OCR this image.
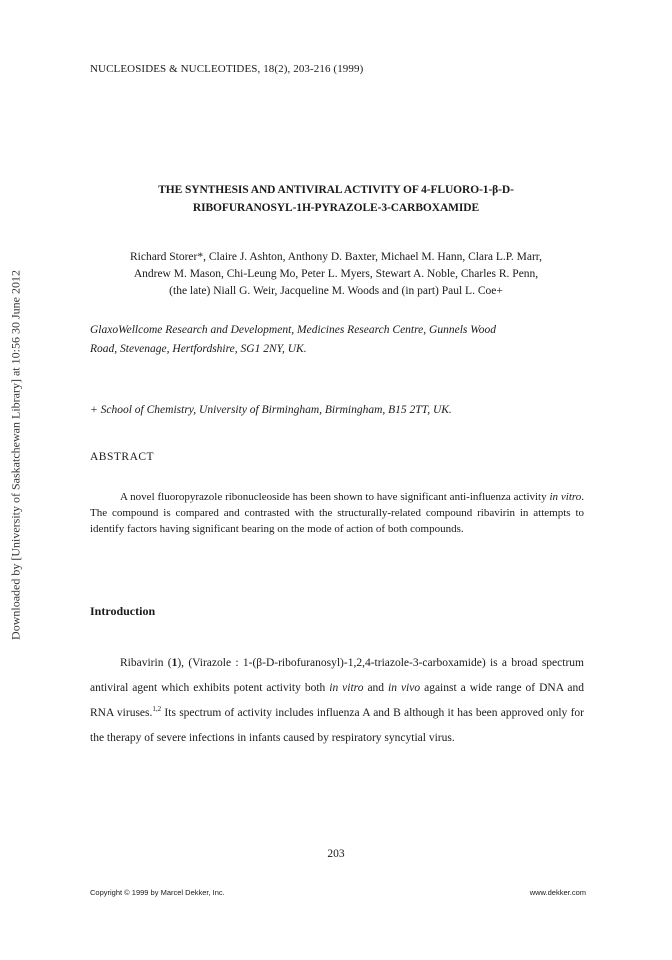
Downloaded by [University of Saskatchewan Library] at 10:56 30 June 2012
NUCLEOSIDES & NUCLEOTIDES, 18(2), 203-216 (1999)
THE SYNTHESIS AND ANTIVIRAL ACTIVITY OF 4-FLUORO-1-β-D-
RIBOFURANOSYL-1H-PYRAZOLE-3-CARBOXAMIDE
Richard Storer*, Claire J. Ashton, Anthony D. Baxter, Michael M. Hann, Clara L.P. Marr,
Andrew M. Mason, Chi-Leung Mo, Peter L. Myers, Stewart A. Noble, Charles R. Penn,
(the late) Niall G. Weir, Jacqueline M. Woods and (in part) Paul L. Coe+
GlaxoWellcome Research and Development, Medicines Research Centre, Gunnels Wood
Road, Stevenage, Hertfordshire, SG1 2NY, UK.
+ School of Chemistry, University of Birmingham, Birmingham, B15 2TT, UK.
ABSTRACT
A novel fluoropyrazole ribonucleoside has been shown to have significant anti-influenza activity in vitro. The compound is compared and contrasted with the structurally-related compound ribavirin in attempts to identify factors having significant bearing on the mode of action of both compounds.
Introduction
Ribavirin (1), (Virazole : 1-(β-D-ribofuranosyl)-1,2,4-triazole-3-carboxamide) is a broad spectrum antiviral agent which exhibits potent activity both in vitro and in vivo against a wide range of DNA and RNA viruses.$^{1,2}$ Its spectrum of activity includes influenza A and B although it has been approved only for the therapy of severe infections in infants caused by respiratory syncytial virus.
203
Copyright © 1999 by Marcel Dekker, Inc.	www.dekker.com
